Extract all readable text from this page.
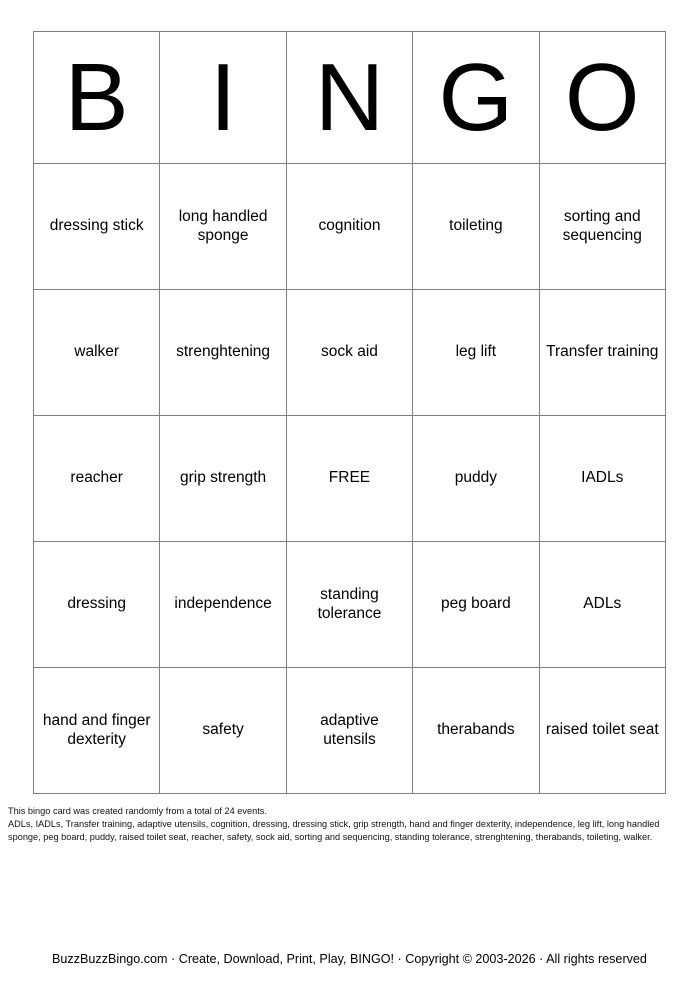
B	I	N	G	O
dressing stick	long handled sponge	cognition	toileting	sorting and sequencing
walker	strenghtening	sock aid	leg lift	Transfer training
reacher	grip strength	FREE	puddy	IADLs
dressing	independence	standing tolerance	peg board	ADLs
hand and finger dexterity	safety	adaptive utensils	therabands	raised toilet seat
This bingo card was created randomly from a total of 24 events.
ADLs, IADLs, Transfer training, adaptive utensils, cognition, dressing, dressing stick, grip strength, hand and finger dexterity, independence, leg lift, long handled sponge, peg board, puddy, raised toilet seat, reacher, safety, sock aid, sorting and sequencing, standing tolerance, strenghtening, therabands, toileting, walker.
BuzzBuzzBingo.com · Create, Download, Print, Play, BINGO! · Copyright © 2003-2026 · All rights reserved
